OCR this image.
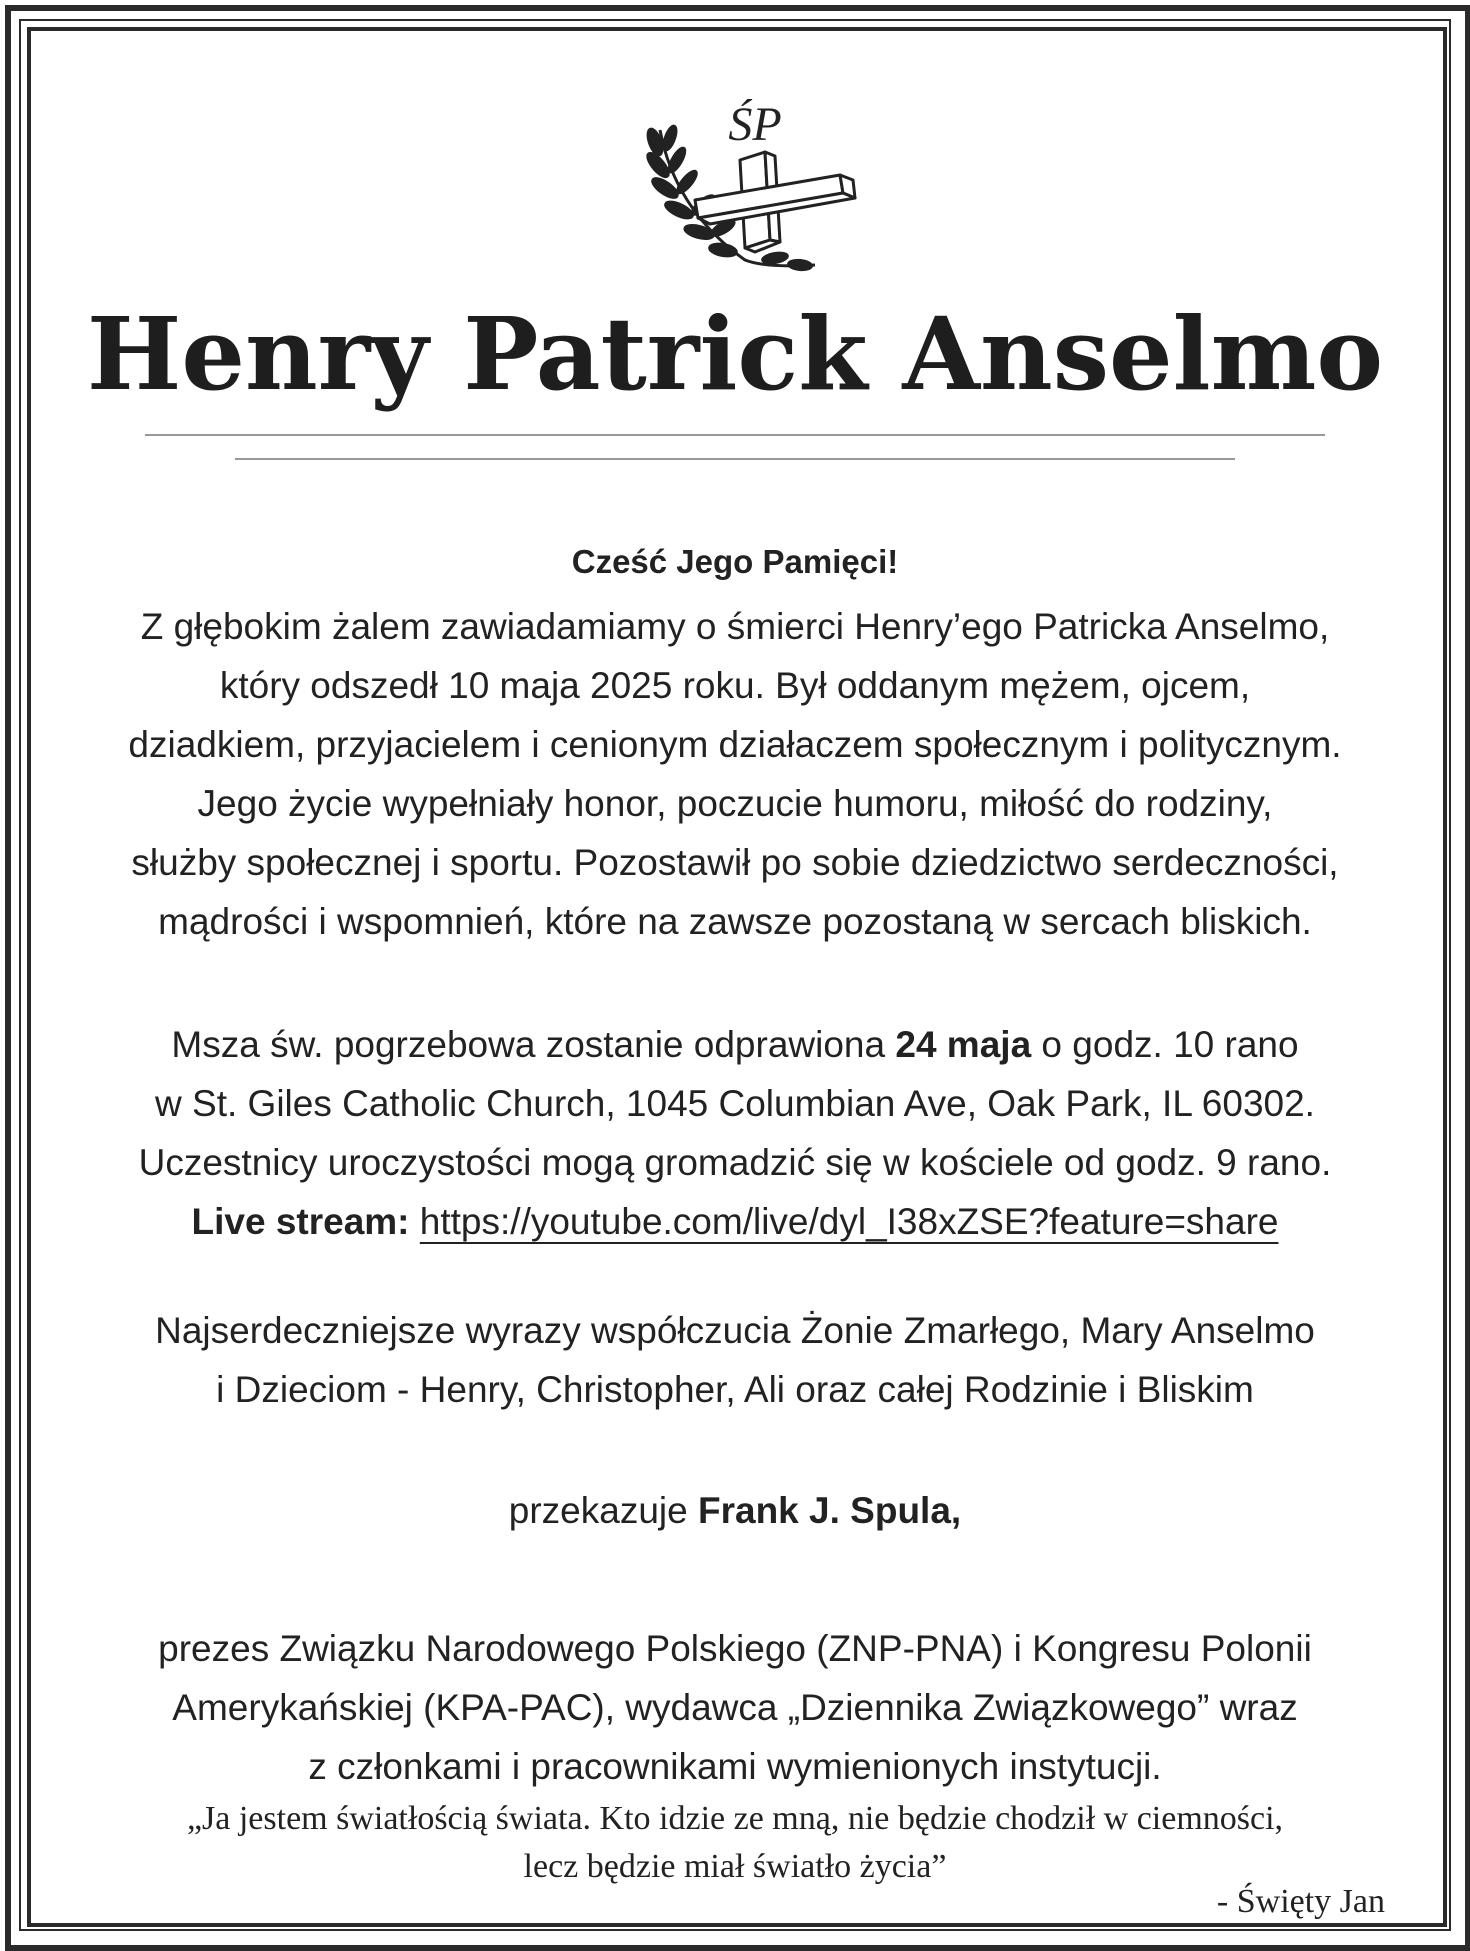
ŚP
Henry Patrick Anselmo

Cześć Jego Pamięci!

Z głębokim żalem zawiadamiamy o śmierci Henry’ego Patricka Anselmo,
który odszedł 10 maja 2025 roku. Był oddanym mężem, ojcem,
dziadkiem, przyjacielem i cenionym działaczem społecznym i politycznym.
Jego życie wypełniały honor, poczucie humoru, miłość do rodziny,
służby społecznej i sportu. Pozostawił po sobie dziedzictwo serdeczności,
mądrości i wspomnień, które na zawsze pozostaną w sercach bliskich.
Msza św. pogrzebowa zostanie odprawiona 24 maja o godz. 10 rano
w St. Giles Catholic Church, 1045 Columbian Ave, Oak Park, IL 60302.
Uczestnicy uroczystości mogą gromadzić się w kościele od godz. 9 rano.
Live stream: https://youtube.com/live/dyl_I38xZSE?feature=share
Najserdeczniejsze wyrazy współczucia Żonie Zmarłego, Mary Anselmo
i Dzieciom - Henry, Christopher, Ali oraz całej Rodzinie i Bliskim
przekazuje Frank J. Spula,
prezes Związku Narodowego Polskiego (ZNP-PNA) i Kongresu Polonii
Amerykańskiej (KPA-PAC), wydawca „Dziennika Związkowego” wraz
z członkami i pracownikami wymienionych instytucji.
„Ja jestem światłością świata. Kto idzie ze mną, nie będzie chodził w ciemności,
lecz będzie miał światło życia”

- Święty Jan
